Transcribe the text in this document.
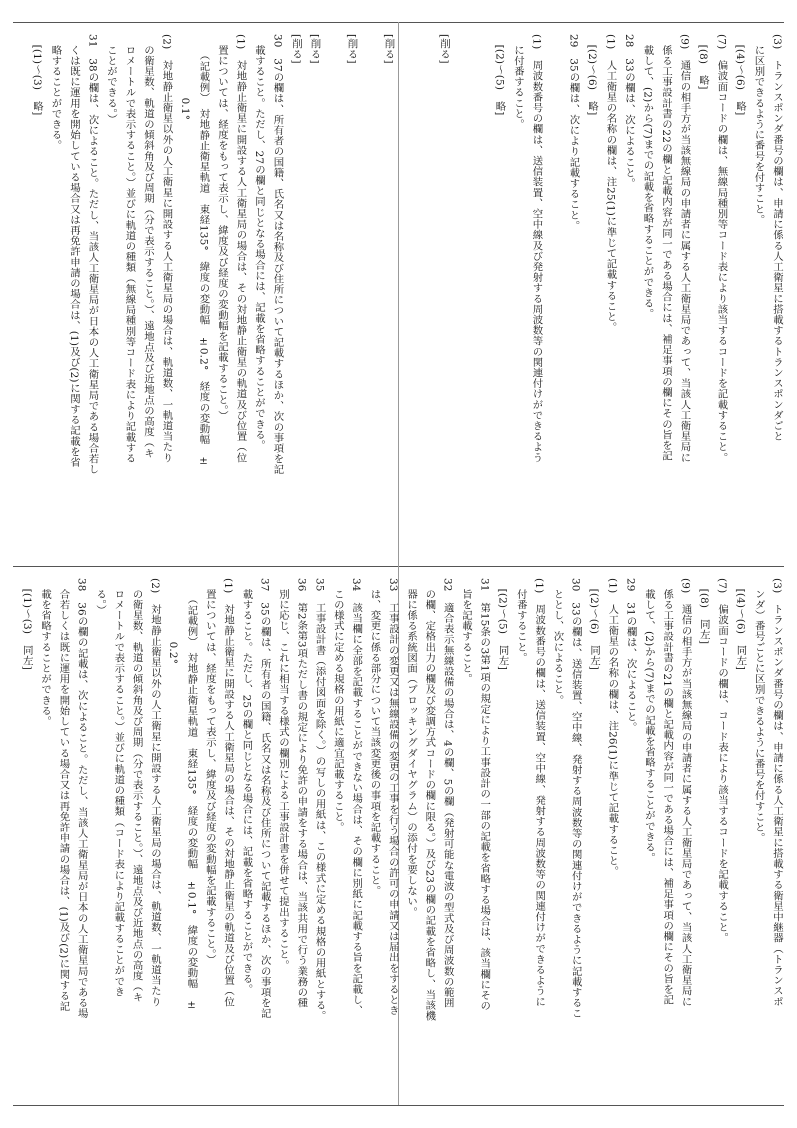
(3)　トランスポンダ番号の欄は、申請に係る人工衛星に搭載するトランスポンダごと
　に区別できるように番号を付すこと。
　[(4)〜(6)　略]
(7)　偏波面コードの欄は、無線局種別等コード表により該当するコードを記載すること。
　[(8)　略]
(9)　通信の相手方が当該無線局の申請者に属する人工衛星局であって、当該人工衛星局に
　係る工事設計書の22の欄と記載内容が同一である場合には、補足事項の欄にその旨を記
　載して、(2)から(7)までの記載を省略することができる。
28　33の欄は、次によること。
(1)　人工衛星の名称の欄は、注25(1)に準じて記載すること。
　[(2)〜(6)　略]
29　35の欄は、次により記載すること。

(1)　周波数番号の欄は、送信装置、空中線及び発射する周波数等の関連付けができるよう
　に付番すること。
　[(2)〜(5)　略]

[削る]

[削る]

[削る]

[削る]
[削る]
30　37の欄は、所有者の国籍、氏名又は名称及び住所について記載するほか、次の事項を記
　載すること。ただし、27の欄と同じとなる場合には、記載を省略することができる。
(1)　対地静止衛星に開設する人工衛星局の場合は、その対地静止衛星の軌道及び位置（位
　置については、経度をもって表示し、緯度及び経度の変動幅を記載すること。）
　　（記載例）　対地静止衛星軌道　東経135°　緯度の変動幅　±0.2°　経度の変動幅　±
　　　　　　0.1°
(2)　対地静止衛星以外の人工衛星に開設する人工衛星局の場合は、軌道数、一軌道当たり
　の衛星数、軌道の傾斜角及び周期（分で表示すること。）、遠地点及び近地点の高度（キ
　ロメートルで表示すること。）並びに軌道の種類（無線局種別等コード表により記載する
　ことができる。）
31　38の欄は、次によること。ただし、当該人工衛星局が日本の人工衛星局である場合若し
　くは既に運用を開始している場合又は再免許申請の場合は、(1)及び(2)に関する記載を省
　略することができる。
　[(1)〜(3)　略]
(3)　トランスポンダ番号の欄は、申請に係る人工衛星に搭載する衛星中継器（トランスポ
　ンダ）番号ごとに区別できるように番号を付すこと。
　[(4)〜(6)　同左]
(7)　偏波面コードの欄は、コード表により該当するコードを記載すること。
　[(8)　同左]
(9)　通信の相手方が当該無線局の申請者に属する人工衛星局であって、当該人工衛星局に
　係る工事設計書の21の欄と記載内容が同一である場合には、補足事項の欄にその旨を記
　載して、(2)から(7)までの記載を省略することができる。
29　31の欄は、次によること。
(1)　人工衛星の名称の欄は、注26(1)に準じて記載すること。
　[(2)〜(6)　同左]
30　33の欄は、送信装置、空中線、発射する周波数等の関連付けができるように記載するこ
　ととし、次によること。
(1)　周波数番号の欄は、送信装置、空中線、発射する周波数等の関連付けができるように
　付番すること。
　[(2)〜(5)　同左]
31　第15条の3第1項の規定により工事設計の一部の記載を省略する場合は、該当欄にその
　旨を記載すること。
32　適合表示無線設備の場合は、4の欄、5の欄（発射可能な電波の型式及び周波数の範囲
　の欄、定格出力の欄及び変調方式コードの欄に限る。）及び23の欄の記載を省略し、当該機
　器に係る系統図面（ブロッキングダイヤグラム）の添付を要しない。
33　工事設計の変更又は無線設備の変更の工事を行う場合の許可の申請又は届出をするとき
　は、変更に係る部分について当該変更後の事項を記載すること。
34　該当欄に全部を記載することができない場合は、その欄に別紙に記載する旨を記載し、
　この様式に定める規格の用紙に適宜記載すること。
35　工事設計書（添付図面を除く。）の写しの用紙は、この様式に定める規格の用紙とする。
36　第2条第3項ただし書の規定により免許の申請をする場合は、当該共用で行う業務の種
　別に応じ、これに相当する様式の欄別による工事設計書を併せて提出すること。
37　35の欄は、所有者の国籍、氏名又は名称及び住所について記載するほか、次の事項を記
　載すること。ただし、25の欄と同じとなる場合には、記載を省略することができる。
(1)　対地静止衛星に開設する人工衛星局の場合は、その対地静止衛星の軌道及び位置（位
　置については、経度をもって表示し、緯度及び経度の変動幅を記載すること。）
　　（記載例）　対地静止衛星軌道　東経135°　経度の変動幅　±0.1°　緯度の変動幅　±
　　　　　　0.2°
(2)　対地静止衛星以外の人工衛星に開設する人工衛星局の場合は、軌道数、一軌道当たり
　の衛星数、軌道の傾斜角及び周期（分で表示すること。）、遠地点及び近地点の高度（キ
　ロメートルで表示すること。）並びに軌道の種類（コード表により記載することができ
　る。）
38　36の欄の記載は、次によること。ただし、当該人工衛星局が日本の人工衛星局である場
　合若しくは既に運用を開始している場合又は再免許申請の場合は、(1)及び(2)に関する記
　載を省略することができる。
　[(1)〜(3)　同左]
